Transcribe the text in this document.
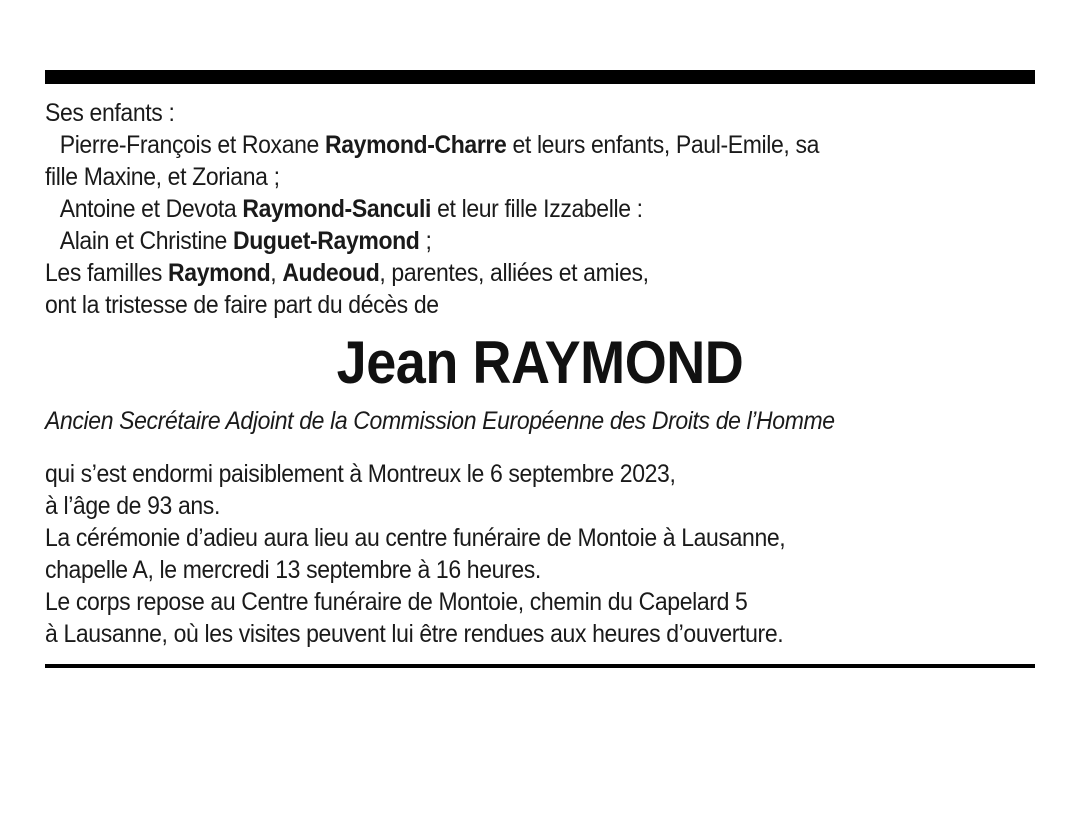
Ses enfants :
Pierre-François et Roxane Raymond-Charre et leurs enfants, Paul-Emile, sa
fille Maxine, et Zoriana ;
Antoine et Devota Raymond-Sanculi et leur fille Izzabelle :
Alain et Christine Duguet-Raymond ;
Les familles Raymond, Audeoud, parentes, alliées et amies,
ont la tristesse de faire part du décès de
Jean RAYMOND
Ancien Secrétaire Adjoint de la Commission Européenne des Droits de l’Homme
qui s’est endormi paisiblement à Montreux le 6 septembre 2023,
à l’âge de 93 ans.
La cérémonie d’adieu aura lieu au centre funéraire de Montoie à Lausanne,
chapelle A, le mercredi 13 septembre à 16 heures.
Le corps repose au Centre funéraire de Montoie, chemin du Capelard 5
à Lausanne, où les visites peuvent lui être rendues aux heures d’ouverture.
